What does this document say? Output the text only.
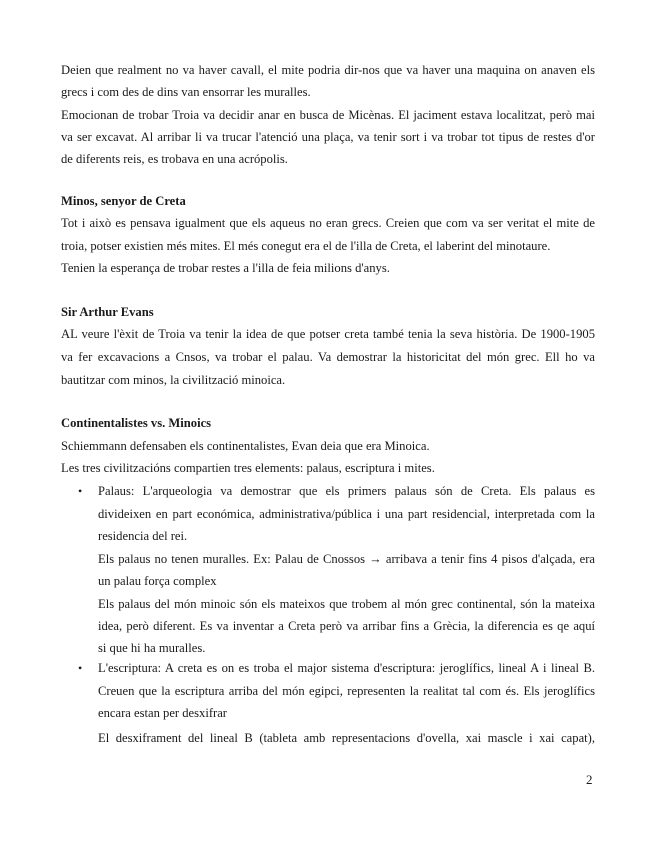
Deien que realment no va haver cavall, el mite podria dir-nos que va haver una maquina on anaven els
grecs i com des de dins van ensorrar les muralles.
Emocionan de trobar Troia va decidir anar en busca de Micènas. El jaciment estava localitzat, però mai
va ser excavat. Al arribar li va trucar l'atenció una plaça, va tenir sort i va trobar tot tipus de restes d'or
de diferents reis, es trobava en una acrópolis.
Minos, senyor de Creta
Tot i això es pensava igualment que els aqueus no eran grecs. Creien que com va ser veritat el mite de
troia, potser existien més mites. El més conegut era el de l'illa de Creta, el laberint del minotaure.
Tenien la esperança de trobar restes a l'illa de feia milions d'anys.
Sir Arthur Evans
AL veure l'èxit de Troia va tenir la idea de que potser creta també tenia la seva història. De 1900-1905
va fer excavacions a Cnsos, va trobar el palau. Va demostrar la historicitat del món grec. Ell ho va
bautitzar com minos, la civilització minoica.
Continentalistes vs. Minoics
Schiemmann defensaben els continentalistes, Evan deia que era Minoica.
Les tres civilitzacións compartien tres elements: palaus, escriptura i mites.
Palaus: L'arqueologia va demostrar que els primers palaus són de Creta. Els palaus es
•
divideixen en part económica, administrativa/pública i una part residencial, interpretada com la
residencia del rei.
Els palaus no tenen muralles. Ex: Palau de Cnossos → arribava a tenir fins 4 pisos d'alçada, era
un palau força complex
Els palaus del món minoic són els mateixos que trobem al món grec continental, són la mateixa
idea, però diferent. Es va inventar a Creta però va arribar fins a Grècia, la diferencia es qe aquí
si que hi ha muralles.
L'escriptura: A creta es on es troba el major sistema d'escriptura: jeroglífics, lineal A i lineal B.
•
Creuen que la escriptura arriba del món egipci, representen la realitat tal com és. Els jeroglífics
encara estan per desxifrar
El desxiframent del lineal B (tableta amb representacions d'ovella, xai mascle i xai capat),
2
